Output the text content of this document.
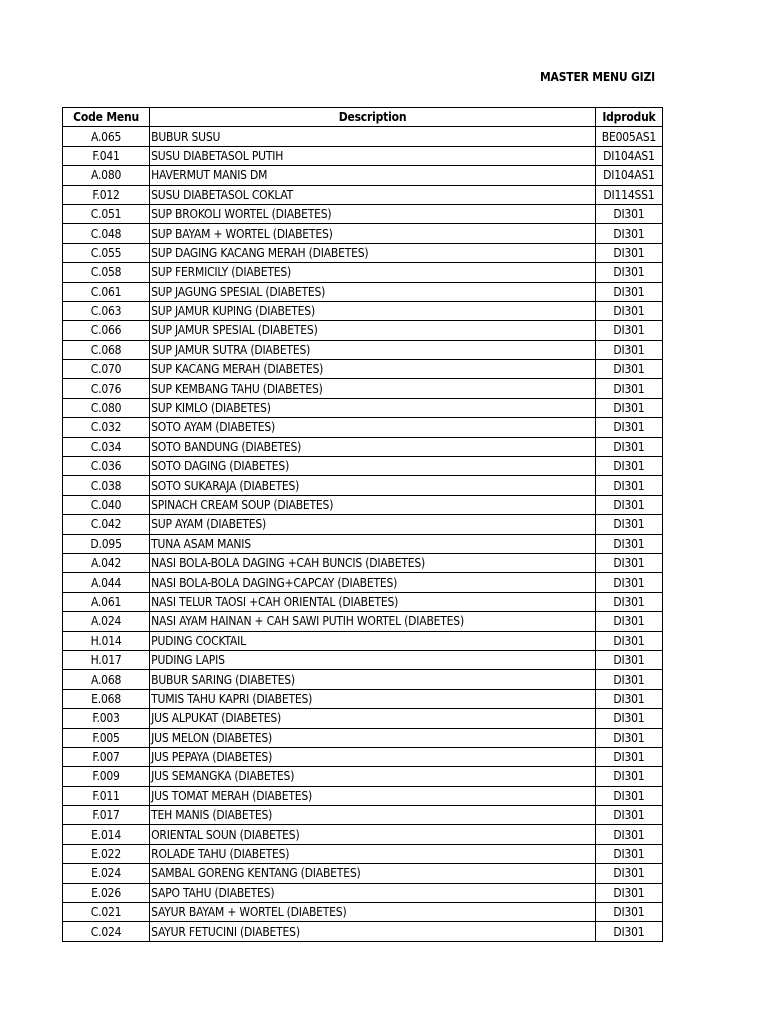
MASTER MENU GIZI
Code Menu	Description	Idproduk
A.065	BUBUR SUSU	BE005AS1
F.041	SUSU DIABETASOL PUTIH	DI104AS1
A.080	HAVERMUT MANIS DM	DI104AS1
F.012	SUSU DIABETASOL COKLAT	DI114SS1
C.051	SUP BROKOLI WORTEL (DIABETES)	DI301
C.048	SUP BAYAM + WORTEL (DIABETES)	DI301
C.055	SUP DAGING KACANG MERAH (DIABETES)	DI301
C.058	SUP FERMICILY (DIABETES)	DI301
C.061	SUP JAGUNG SPESIAL (DIABETES)	DI301
C.063	SUP JAMUR KUPING (DIABETES)	DI301
C.066	SUP JAMUR SPESIAL (DIABETES)	DI301
C.068	SUP JAMUR SUTRA (DIABETES)	DI301
C.070	SUP KACANG MERAH (DIABETES)	DI301
C.076	SUP KEMBANG TAHU (DIABETES)	DI301
C.080	SUP KIMLO (DIABETES)	DI301
C.032	SOTO AYAM (DIABETES)	DI301
C.034	SOTO BANDUNG (DIABETES)	DI301
C.036	SOTO DAGING (DIABETES)	DI301
C.038	SOTO SUKARAJA (DIABETES)	DI301
C.040	SPINACH CREAM SOUP (DIABETES)	DI301
C.042	SUP AYAM (DIABETES)	DI301
D.095	TUNA ASAM MANIS	DI301
A.042	NASI BOLA-BOLA DAGING +CAH BUNCIS (DIABETES)	DI301
A.044	NASI BOLA-BOLA DAGING+CAPCAY (DIABETES)	DI301
A.061	NASI TELUR TAOSI +CAH ORIENTAL (DIABETES)	DI301
A.024	NASI AYAM HAINAN + CAH SAWI PUTIH WORTEL (DIABETES)	DI301
H.014	PUDING COCKTAIL	DI301
H.017	PUDING LAPIS	DI301
A.068	BUBUR SARING (DIABETES)	DI301
E.068	TUMIS TAHU KAPRI (DIABETES)	DI301
F.003	JUS ALPUKAT (DIABETES)	DI301
F.005	JUS MELON (DIABETES)	DI301
F.007	JUS PEPAYA (DIABETES)	DI301
F.009	JUS SEMANGKA (DIABETES)	DI301
F.011	JUS TOMAT MERAH (DIABETES)	DI301
F.017	TEH MANIS (DIABETES)	DI301
E.014	ORIENTAL SOUN (DIABETES)	DI301
E.022	ROLADE TAHU (DIABETES)	DI301
E.024	SAMBAL GORENG KENTANG (DIABETES)	DI301
E.026	SAPO TAHU (DIABETES)	DI301
C.021	SAYUR BAYAM + WORTEL (DIABETES)	DI301
C.024	SAYUR FETUCINI (DIABETES)	DI301
